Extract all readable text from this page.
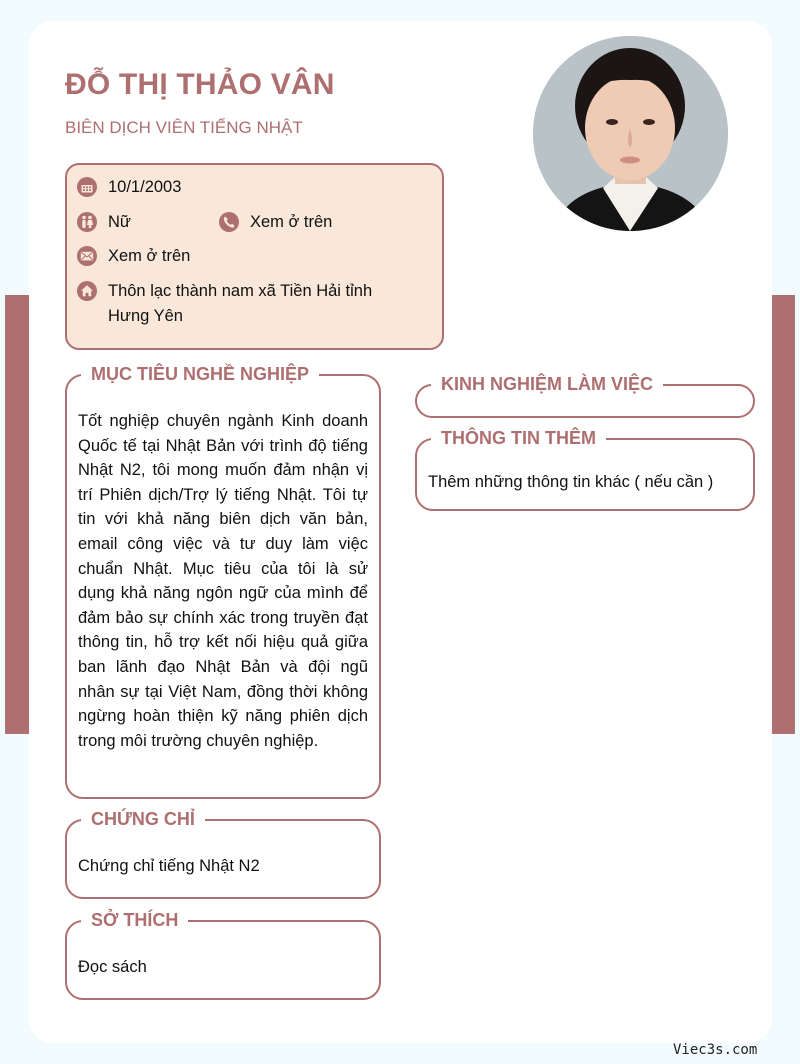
ĐỖ THỊ THẢO VÂN
BIÊN DỊCH VIÊN TIẾNG NHẬT
10/1/2003
Nữ	Xem ở trên
Xem ở trên
Thôn lạc thành nam xã Tiền Hải tỉnh
Hưng Yên
MỤC TIÊU NGHỀ NGHIỆP
Tốt nghiệp chuyên ngành Kinh doanh Quốc tế tại Nhật Bản với trình độ tiếng Nhật N2, tôi mong muốn đảm nhận vị trí Phiên dịch/Trợ lý tiếng Nhật. Tôi tự tin với khả năng biên dịch văn bản, email công việc và tư duy làm việc chuẩn Nhật. Mục tiêu của tôi là sử dụng khả năng ngôn ngữ của mình để đảm bảo sự chính xác trong truyền đạt thông tin, hỗ trợ kết nối hiệu quả giữa ban lãnh đạo Nhật Bản và đội ngũ nhân sự tại Việt Nam, đồng thời không ngừng hoàn thiện kỹ năng phiên dịch trong môi trường chuyên nghiệp.
CHỨNG CHỈ
Chứng chỉ tiếng Nhật N2
SỞ THÍCH
Đọc sách
KINH NGHIỆM LÀM VIỆC
THÔNG TIN THÊM
Thêm những thông tin khác ( nếu cần )
Viec3s.com
